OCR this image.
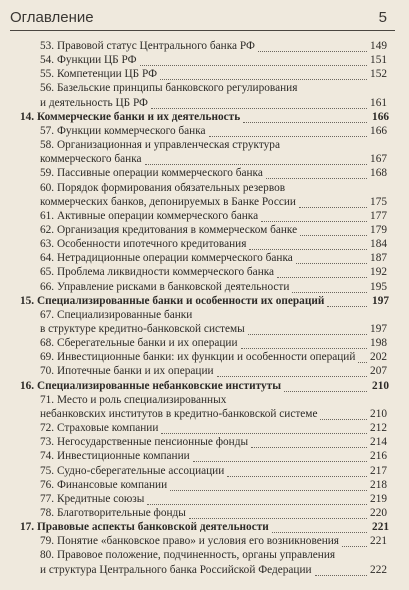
Оглавление	5
53. Правовой статус Центрального банка РФ	149
54. Функции ЦБ РФ	151
55. Компетенции ЦБ РФ	152
56. Базельские принципы банковского регулирования
и деятельность ЦБ РФ	161
14. Коммерческие банки и их деятельность	166
57. Функции коммерческого банка	166
58. Организационная и управленческая структура
коммерческого банка	167
59. Пассивные операции коммерческого банка	168
60. Порядок формирования обязательных резервов
коммерческих банков, депонируемых в Банке России	175
61. Активные операции коммерческого банка	177
62. Организация кредитования в коммерческом банке	179
63. Особенности ипотечного кредитования	184
64. Нетрадиционные операции коммерческого банка	187
65. Проблема ликвидности коммерческого банка	192
66. Управление рисками в банковской деятельности	195
15. Специализированные банки и особенности их операций	197
67. Специализированные банки
в структуре кредитно-банковской системы	197
68. Сберегательные банки и их операции	198
69. Инвестиционные банки: их функции и особенности операций 202
70. Ипотечные банки и их операции	207
16. Специализированные небанковские институты	210
71. Место и роль специализированных
небанковских институтов в кредитно-банковской системе	210
72. Страховые компании	212
73. Негосударственные пенсионные фонды	214
74. Инвестиционные компании	216
75. Судно-сберегательные ассоциации	217
76. Финансовые компании	218
77. Кредитные союзы	219
78. Благотворительные фонды	220
17. Правовые аспекты банковской деятельности	221
79. Понятие «банковское право» и условия его возникновения	221
80. Правовое положение, подчиненность, органы управления
и структура Центрального банка Российской Федерации	222
